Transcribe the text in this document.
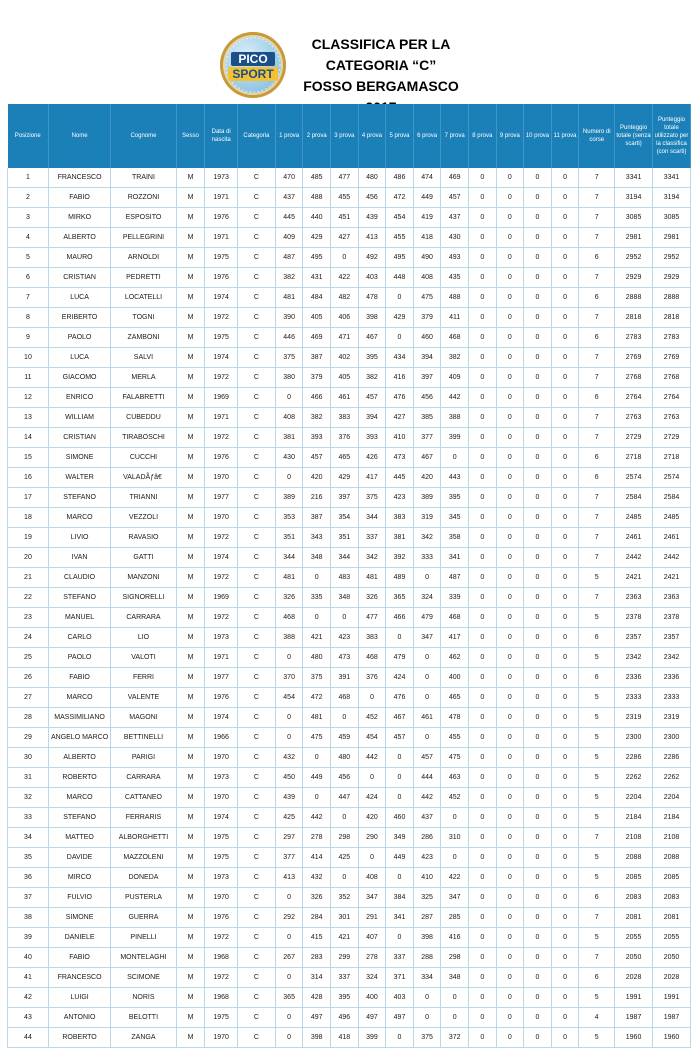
PICO
SPORT
CLASSIFICA PER LA
CATEGORIA “C”
FOSSO BERGAMASCO
Posizione	Nome	Cognome	Sesso	Data di nascita	Categoria	1 prova	2 prova	3 prova	4 prova	5 prova	6 prova	7 prova	8 prova	9 prova	10 prova	11 prova	Numero di corse	Punteggio totale (senza scarti)	Punteggio totale utilizzato per la classifica (con scarti)
1	FRANCESCO	TRAINI	M	1973	C	470	485	477	480	486	474	469	0	0	0	0	7	3341	3341
2	FABIO	ROZZONI	M	1971	C	437	488	455	456	472	449	457	0	0	0	0	7	3194	3194
3	MIRKO	ESPOSITO	M	1976	C	445	440	451	439	454	419	437	0	0	0	0	7	3085	3085
4	ALBERTO	PELLEGRINI	M	1971	C	409	429	427	413	455	418	430	0	0	0	0	7	2981	2981
5	MAURO	ARNOLDI	M	1975	C	487	495	0	492	495	490	493	0	0	0	0	6	2952	2952
6	CRISTIAN	PEDRETTI	M	1976	C	382	431	422	403	448	408	435	0	0	0	0	7	2929	2929
7	LUCA	LOCATELLI	M	1974	C	481	484	482	478	0	475	488	0	0	0	0	6	2888	2888
8	ERIBERTO	TOGNI	M	1972	C	390	405	406	398	429	379	411	0	0	0	0	7	2818	2818
9	PAOLO	ZAMBONI	M	1975	C	446	469	471	467	0	460	468	0	0	0	0	6	2783	2783
10	LUCA	SALVI	M	1974	C	375	387	402	395	434	394	382	0	0	0	0	7	2769	2769
11	GIACOMO	MERLA	M	1972	C	380	379	405	382	416	397	409	0	0	0	0	7	2768	2768
12	ENRICO	FALABRETTI	M	1969	C	0	466	461	457	476	456	442	0	0	0	0	6	2764	2764
13	WILLIAM	CUBEDDU	M	1971	C	408	382	383	394	427	385	388	0	0	0	0	7	2763	2763
14	CRISTIAN	TIRABOSCHI	M	1972	C	381	393	376	393	410	377	399	0	0	0	0	7	2729	2729
15	SIMONE	CUCCHI	M	1976	C	430	457	465	426	473	467	0	0	0	0	0	6	2718	2718
16	WALTER	VALADÃƒâ€	M	1970	C	0	420	429	417	445	420	443	0	0	0	0	6	2574	2574
17	STEFANO	TRIANNI	M	1977	C	389	216	397	375	423	389	395	0	0	0	0	7	2584	2584
18	MARCO	VEZZOLI	M	1970	C	353	387	354	344	383	319	345	0	0	0	0	7	2485	2485
19	LIVIO	RAVASIO	M	1972	C	351	343	351	337	381	342	358	0	0	0	0	7	2461	2461
20	IVAN	GATTI	M	1974	C	344	348	344	342	392	333	341	0	0	0	0	7	2442	2442
21	CLAUDIO	MANZONI	M	1972	C	481	0	483	481	489	0	487	0	0	0	0	5	2421	2421
22	STEFANO	SIGNORELLI	M	1969	C	326	335	348	326	365	324	339	0	0	0	0	7	2363	2363
23	MANUEL	CARRARA	M	1972	C	468	0	0	477	466	479	468	0	0	0	0	5	2378	2378
24	CARLO	LIO	M	1973	C	388	421	423	383	0	347	417	0	0	0	0	6	2357	2357
25	PAOLO	VALOTI	M	1971	C	0	480	473	468	479	0	462	0	0	0	0	5	2342	2342
26	FABIO	FERRI	M	1977	C	370	375	391	376	424	0	400	0	0	0	0	6	2336	2336
27	MARCO	VALENTE	M	1976	C	454	472	468	0	476	0	465	0	0	0	0	5	2333	2333
28	MASSIMILIANO	MAGONI	M	1974	C	0	481	0	452	467	461	478	0	0	0	0	5	2319	2319
29	ANGELO MARCO	BETTINELLI	M	1966	C	0	475	459	454	457	0	455	0	0	0	0	5	2300	2300
30	ALBERTO	PARIGI	M	1970	C	432	0	480	442	0	457	475	0	0	0	0	5	2286	2286
31	ROBERTO	CARRARA	M	1973	C	450	449	456	0	0	444	463	0	0	0	0	5	2262	2262
32	MARCO	CATTANEO	M	1970	C	439	0	447	424	0	442	452	0	0	0	0	5	2204	2204
33	STEFANO	FERRARIS	M	1974	C	425	442	0	420	460	437	0	0	0	0	0	5	2184	2184
34	MATTEO	ALBORGHETTI	M	1975	C	297	278	298	290	349	286	310	0	0	0	0	7	2108	2108
35	DAVIDE	MAZZOLENI	M	1975	C	377	414	425	0	449	423	0	0	0	0	0	5	2088	2088
36	MIRCO	DONEDA	M	1973	C	413	432	0	408	0	410	422	0	0	0	0	5	2085	2085
37	FULVIO	PUSTERLA	M	1970	C	0	326	352	347	384	325	347	0	0	0	0	6	2083	2083
38	SIMONE	GUERRA	M	1976	C	292	284	301	291	341	287	285	0	0	0	0	7	2081	2081
39	DANIELE	PINELLI	M	1972	C	0	415	421	407	0	398	416	0	0	0	0	5	2055	2055
40	FABIO	MONTELAGHI	M	1968	C	267	283	299	278	337	288	298	0	0	0	0	7	2050	2050
41	FRANCESCO	SCIMONE	M	1972	C	0	314	337	324	371	334	348	0	0	0	0	6	2028	2028
42	LUIGI	NORIS	M	1968	C	365	428	395	400	403	0	0	0	0	0	0	5	1991	1991
43	ANTONIO	BELOTTI	M	1975	C	0	497	496	497	497	0	0	0	0	0	0	4	1987	1987
44	ROBERTO	ZANGA	M	1970	C	0	398	418	399	0	375	372	0	0	0	0	5	1960	1960
